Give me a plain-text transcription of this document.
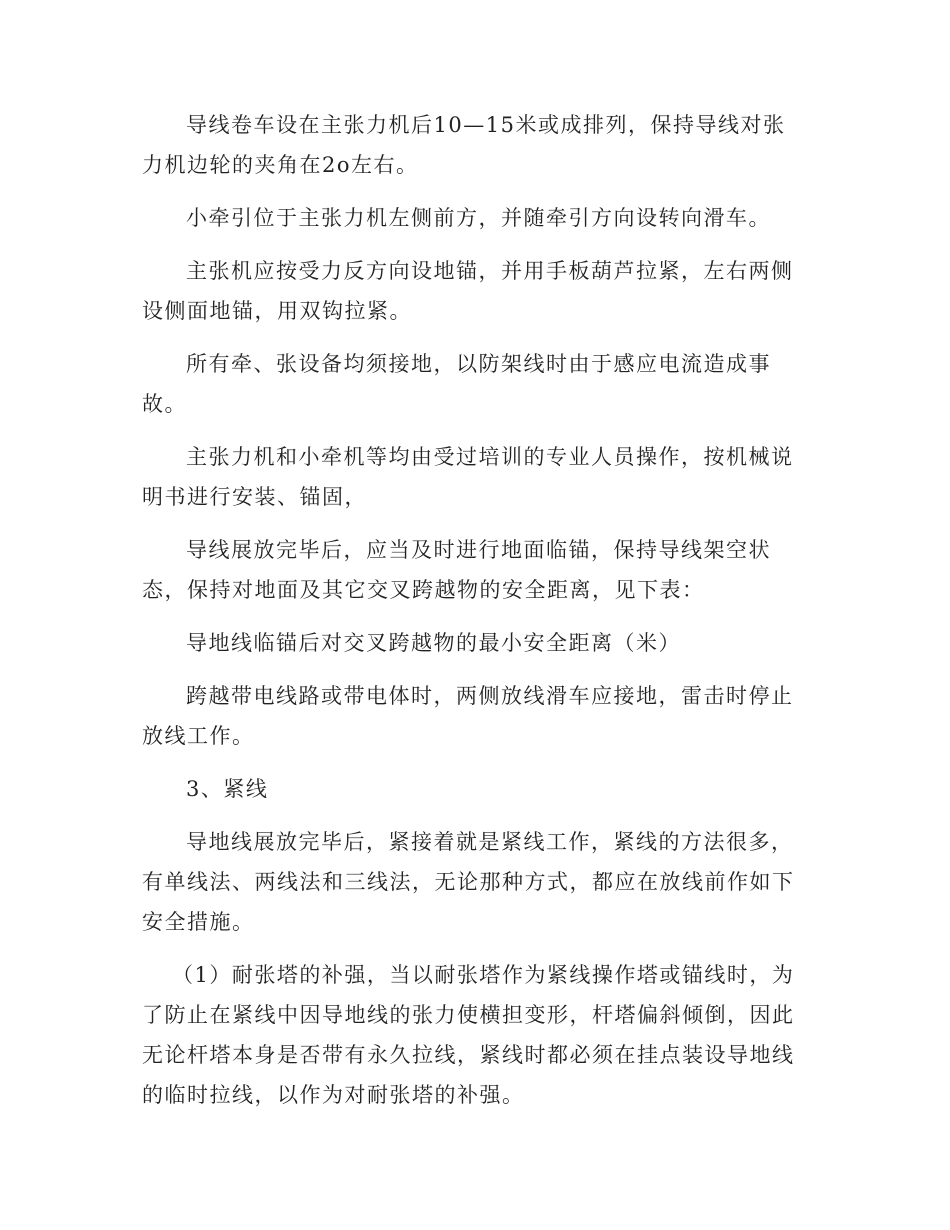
导线卷车设在主张力机后10—15米或成排列，保持导线对张力机边轮的夹角在2o左右。

小牵引位于主张力机左侧前方，并随牵引方向设转向滑车。

主张机应按受力反方向设地锚，并用手板葫芦拉紧，左右两侧设侧面地锚，用双钩拉紧。

所有牵、张设备均须接地，以防架线时由于感应电流造成事故。

主张力机和小牵机等均由受过培训的专业人员操作，按机械说明书进行安装、锚固，

导线展放完毕后，应当及时进行地面临锚，保持导线架空状态，保持对地面及其它交叉跨越物的安全距离，见下表：

导地线临锚后对交叉跨越物的最小安全距离（米）

跨越带电线路或带电体时，两侧放线滑车应接地，雷击时停止放线工作。

3、紧线

导地线展放完毕后，紧接着就是紧线工作，紧线的方法很多，有单线法、两线法和三线法，无论那种方式，都应在放线前作如下安全措施。

（1）耐张塔的补强，当以耐张塔作为紧线操作塔或锚线时，为了防止在紧线中因导地线的张力使横担变形，杆塔偏斜倾倒，因此无论杆塔本身是否带有永久拉线，紧线时都必须在挂点装设导地线的临时拉线，以作为对耐张塔的补强。
